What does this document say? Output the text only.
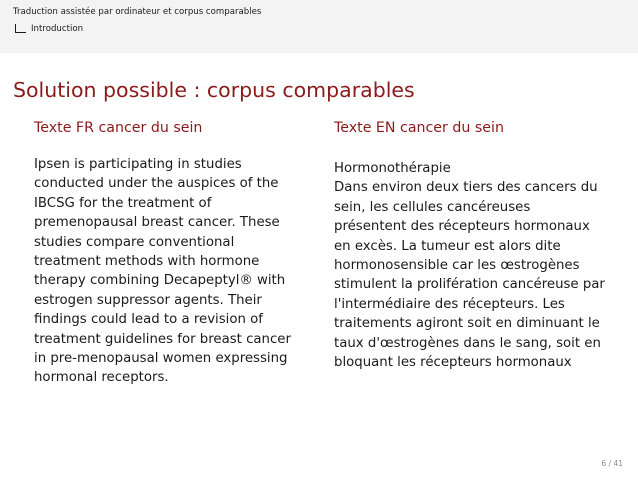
Traduction assistée par ordinateur et corpus comparables
Introduction
Solution possible : corpus comparables
Texte FR cancer du sein

Ipsen is participating in studies conducted under the auspices of the IBCSG for the treatment of premenopausal breast cancer. These studies compare conventional treatment methods with hormone therapy combining Decapeptyl® with estrogen suppressor agents. Their findings could lead to a revision of treatment guidelines for breast cancer in pre-menopausal women expressing hormonal receptors.

Texte EN cancer du sein

Hormonothérapie

Dans environ deux tiers des cancers du sein, les cellules cancéreuses présentent des récepteurs hormonaux en excès. La tumeur est alors dite hormonosensible car les œstrogènes stimulent la prolifération cancéreuse par l'intermédiaire des récepteurs. Les traitements agiront soit en diminuant le taux d'œstrogènes dans le sang, soit en bloquant les récepteurs hormonaux

6 / 41
